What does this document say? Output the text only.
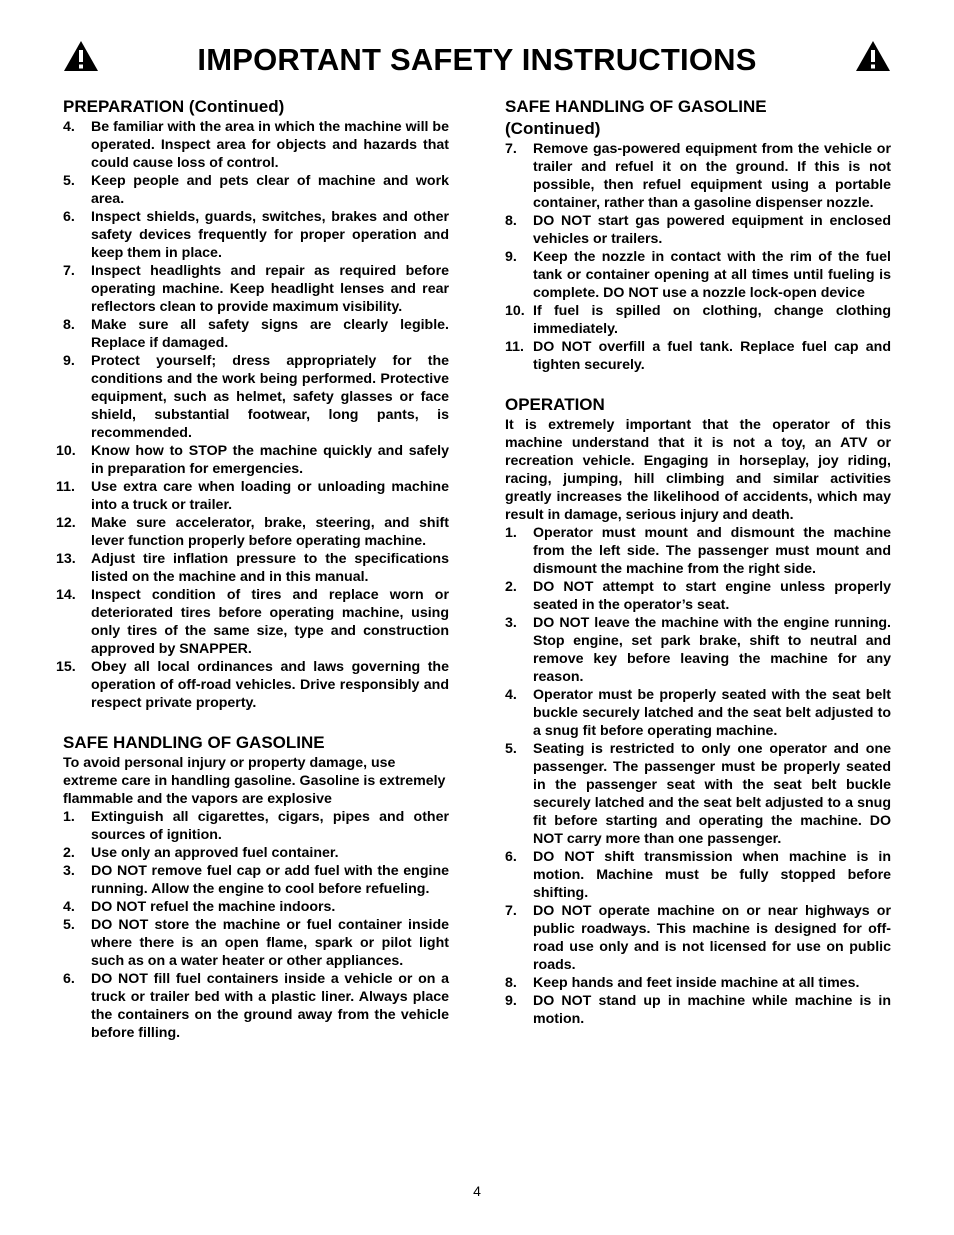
IMPORTANT SAFETY INSTRUCTIONS
PREPARATION (Continued)
4. Be familiar with the area in which the machine will be operated. Inspect area for objects and hazards that could cause loss of control.
5. Keep people and pets clear of machine and work area.
6. Inspect shields, guards, switches, brakes and other safety devices frequently for proper operation and keep them in place.
7. Inspect headlights and repair as required before operating machine. Keep headlight lenses and rear reflectors clean to provide maximum visibility.
8. Make sure all safety signs are clearly legible. Replace if damaged.
9. Protect yourself; dress appropriately for the conditions and the work being performed. Protective equipment, such as helmet, safety glasses or face shield, substantial footwear, long pants, is recommended.
10. Know how to STOP the machine quickly and safely in preparation for emergencies.
11. Use extra care when loading or unloading machine into a truck or trailer.
12. Make sure accelerator, brake, steering, and shift lever function properly before operating machine.
13. Adjust tire inflation pressure to the specifications listed on the machine and in this manual.
14. Inspect condition of tires and replace worn or deteriorated tires before operating machine, using only tires of the same size, type and construction approved by SNAPPER.
15. Obey all local ordinances and laws governing the operation of off-road vehicles. Drive responsibly and respect private property.
SAFE HANDLING OF GASOLINE
To avoid personal injury or property damage, use extreme care in handling gasoline. Gasoline is extremely flammable and the vapors are explosive
1. Extinguish all cigarettes, cigars, pipes and other sources of ignition.
2. Use only an approved fuel container.
3. DO NOT remove fuel cap or add fuel with the engine running. Allow the engine to cool before refueling.
4. DO NOT refuel the machine indoors.
5. DO NOT store the machine or fuel container inside where there is an open flame, spark or pilot light such as on a water heater or other appliances.
6. DO NOT fill fuel containers inside a vehicle or on a truck or trailer bed with a plastic liner. Always place the containers on the ground away from the vehicle before filling.
SAFE HANDLING OF GASOLINE
(Continued)
7. Remove gas-powered equipment from the vehicle or trailer and refuel it on the ground. If this is not possible, then refuel equipment using a portable container, rather than a gasoline dispenser nozzle.
8. DO NOT start gas powered equipment in enclosed vehicles or trailers.
9. Keep the nozzle in contact with the rim of the fuel tank or container opening at all times until fueling is complete. DO NOT use a nozzle lock-open device
10. If fuel is spilled on clothing, change clothing immediately.
11. DO NOT overfill a fuel tank. Replace fuel cap and tighten securely.
OPERATION
It is extremely important that the operator of this machine understand that it is not a toy, an ATV or recreation vehicle. Engaging in horseplay, joy riding, racing, jumping, hill climbing and similar activities greatly increases the likelihood of accidents, which may result in damage, serious injury and death.
1. Operator must mount and dismount the machine from the left side. The passenger must mount and dismount the machine from the right side.
2. DO NOT attempt to start engine unless properly seated in the operator’s seat.
3. DO NOT leave the machine with the engine running. Stop engine, set park brake, shift to neutral and remove key before leaving the machine for any reason.
4. Operator must be properly seated with the seat belt buckle securely latched and the seat belt adjusted to a snug fit before operating machine.
5. Seating is restricted to only one operator and one passenger. The passenger must be properly seated in the passenger seat with the seat belt buckle securely latched and the seat belt adjusted to a snug fit before starting and operating the machine. DO NOT carry more than one passenger.
6. DO NOT shift transmission when machine is in motion. Machine must be fully stopped before shifting.
7. DO NOT operate machine on or near highways or public roadways. This machine is designed for off-road use only and is not licensed for use on public roads.
8. Keep hands and feet inside machine at all times.
9. DO NOT stand up in machine while machine is in motion.
4
